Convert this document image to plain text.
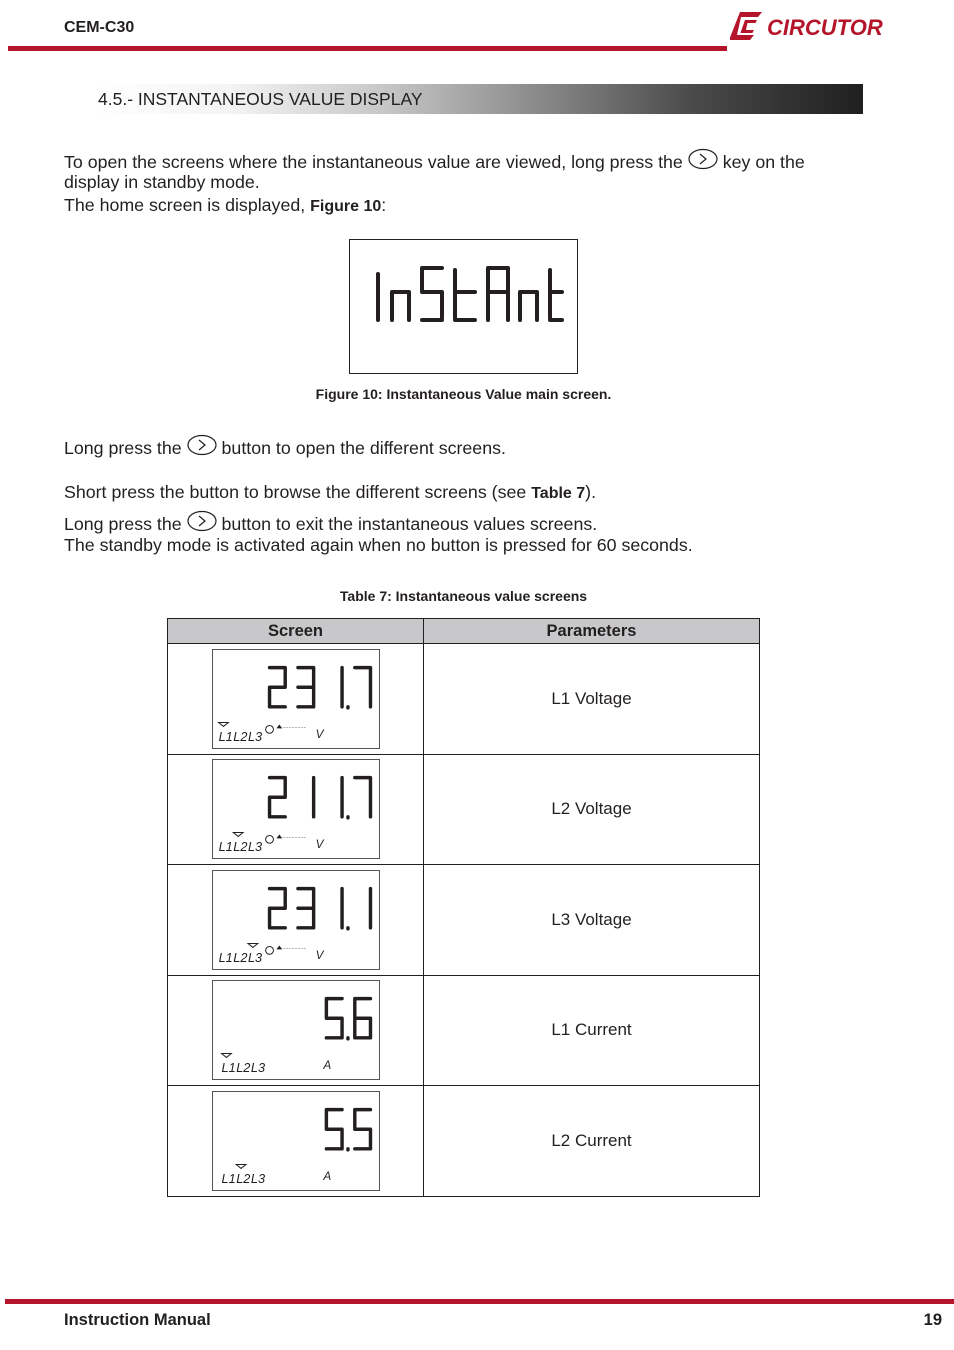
CEM-C30	CIRCUTOR
4.5.- INSTANTANEOUS VALUE DISPLAY
To open the screens where the instantaneous value are viewed, long press the key on the
display in standby mode.
The home screen is displayed, Figure 10:
Figure 10: Instantaneous Value main screen.
Long press the button to open the different screens.
Short press the button to browse the different screens (see Table 7).
Long press the button to exit the instantaneous values screens.
The standby mode is activated again when no button is pressed for 60 seconds.
Table 7: Instantaneous value screens
Screen	Parameters

L1 L2 L3 V	L1 Voltage

L1 L2 L3 V	L2 Voltage

L1 L2 L3 V	L3 Voltage

L1 L2 L3 A	L1 Current

L1 L2 L3 A	L2 Current
Instruction Manual	19
